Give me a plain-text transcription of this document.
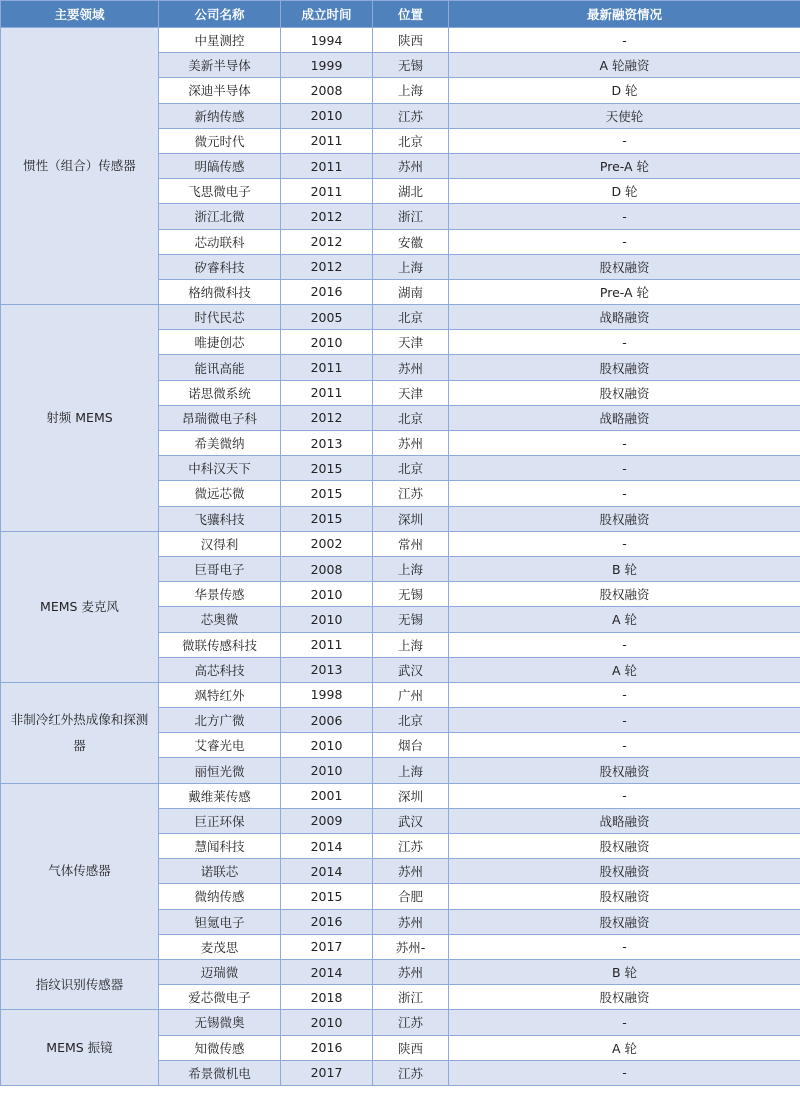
主要领域	公司名称	成立时间	位置	最新融资情况
惯性（组合）传感器	中星测控	1994	陕西	-
	美新半导体	1999	无锡	A 轮融资
	深迪半导体	2008	上海	D 轮
	新纳传感	2010	江苏	天使轮
	微元时代	2011	北京	-
	明皜传感	2011	苏州	Pre-A 轮
	飞思微电子	2011	湖北	D 轮
	浙江北微	2012	浙江	-
	芯动联科	2012	安徽	-
	矽睿科技	2012	上海	股权融资
	格纳微科技	2016	湖南	Pre-A 轮
射频 MEMS	时代民芯	2005	北京	战略融资
	唯捷创芯	2010	天津	-
	能讯高能	2011	苏州	股权融资
	诺思微系统	2011	天津	股权融资
	昂瑞微电子科	2012	北京	战略融资
	希美微纳	2013	苏州	-
	中科汉天下	2015	北京	-
	微远芯微	2015	江苏	-
	飞骧科技	2015	深圳	股权融资
MEMS 麦克风	汉得利	2002	常州	-
	巨哥电子	2008	上海	B 轮
	华景传感	2010	无锡	股权融资
	芯奥微	2010	无锡	A 轮
	微联传感科技	2011	上海	-
	高芯科技	2013	武汉	A 轮
非制冷红外热成像和探测器	飒特红外	1998	广州	-
	北方广微	2006	北京	-
	艾睿光电	2010	烟台	-
	丽恒光微	2010	上海	股权融资
气体传感器	戴维莱传感	2001	深圳	-
	巨正环保	2009	武汉	战略融资
	慧闻科技	2014	江苏	股权融资
	诺联芯	2014	苏州	股权融资
	微纳传感	2015	合肥	股权融资
	钽氪电子	2016	苏州	股权融资
	麦茂思	2017	苏州-	-
指纹识别传感器	迈瑞微	2014	苏州	B 轮
	爱芯微电子	2018	浙江	股权融资
MEMS 振镜	无锡微奥	2010	江苏	-
	知微传感	2016	陕西	A 轮
	希景微机电	2017	江苏	-
